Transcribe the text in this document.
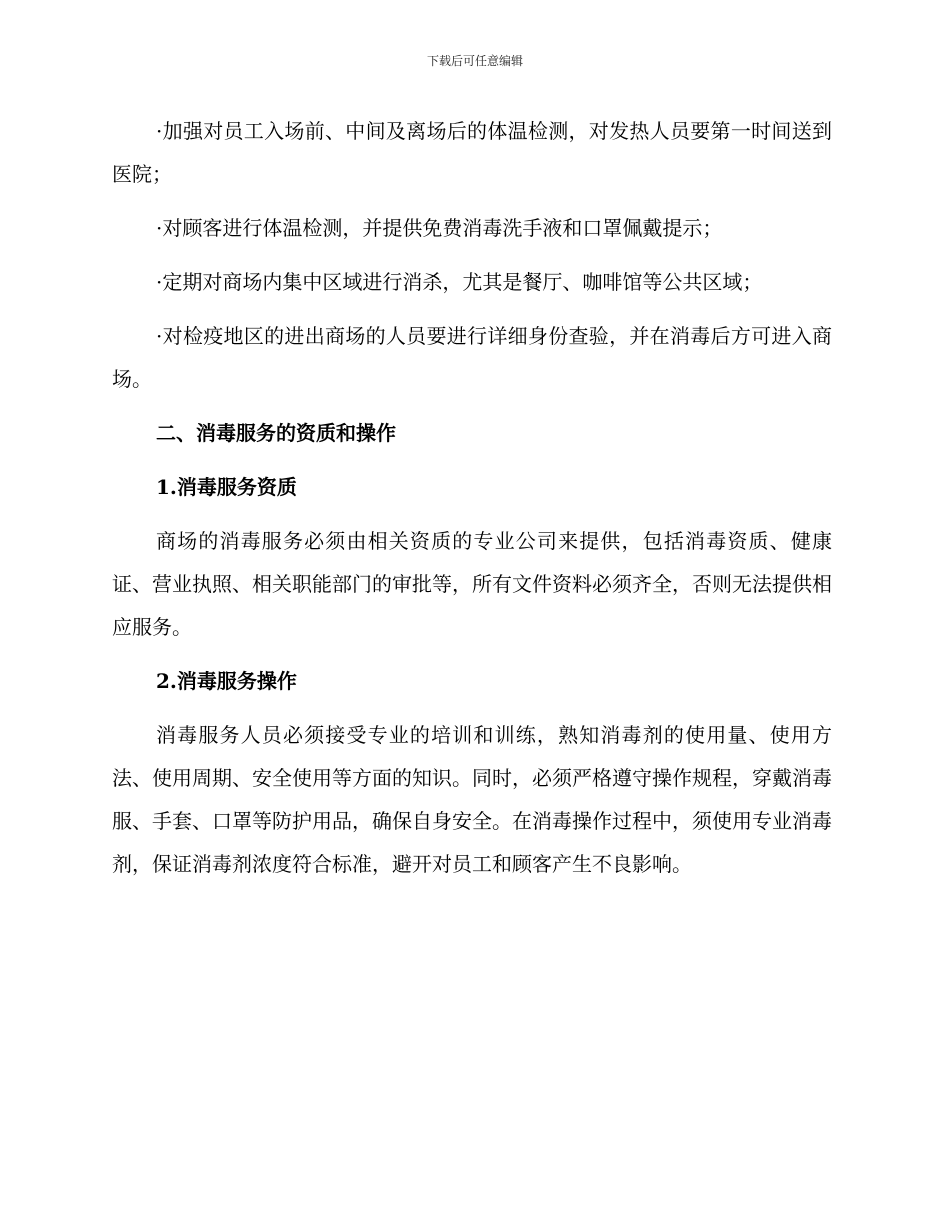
下载后可任意编辑

·加强对员工入场前、中间及离场后的体温检测，对发热人员要第一时间送到医院；

·对顾客进行体温检测，并提供免费消毒洗手液和口罩佩戴提示；

·定期对商场内集中区域进行消杀，尤其是餐厅、咖啡馆等公共区域；

·对检疫地区的进出商场的人员要进行详细身份查验，并在消毒后方可进入商场。

二、消毒服务的资质和操作

1.消毒服务资质

商场的消毒服务必须由相关资质的专业公司来提供，包括消毒资质、健康证、营业执照、相关职能部门的审批等，所有文件资料必须齐全，否则无法提供相应服务。

2.消毒服务操作

消毒服务人员必须接受专业的培训和训练，熟知消毒剂的使用量、使用方法、使用周期、安全使用等方面的知识。同时，必须严格遵守操作规程，穿戴消毒服、手套、口罩等防护用品，确保自身安全。在消毒操作过程中，须使用专业消毒剂，保证消毒剂浓度符合标准，避开对员工和顾客产生不良影响。
